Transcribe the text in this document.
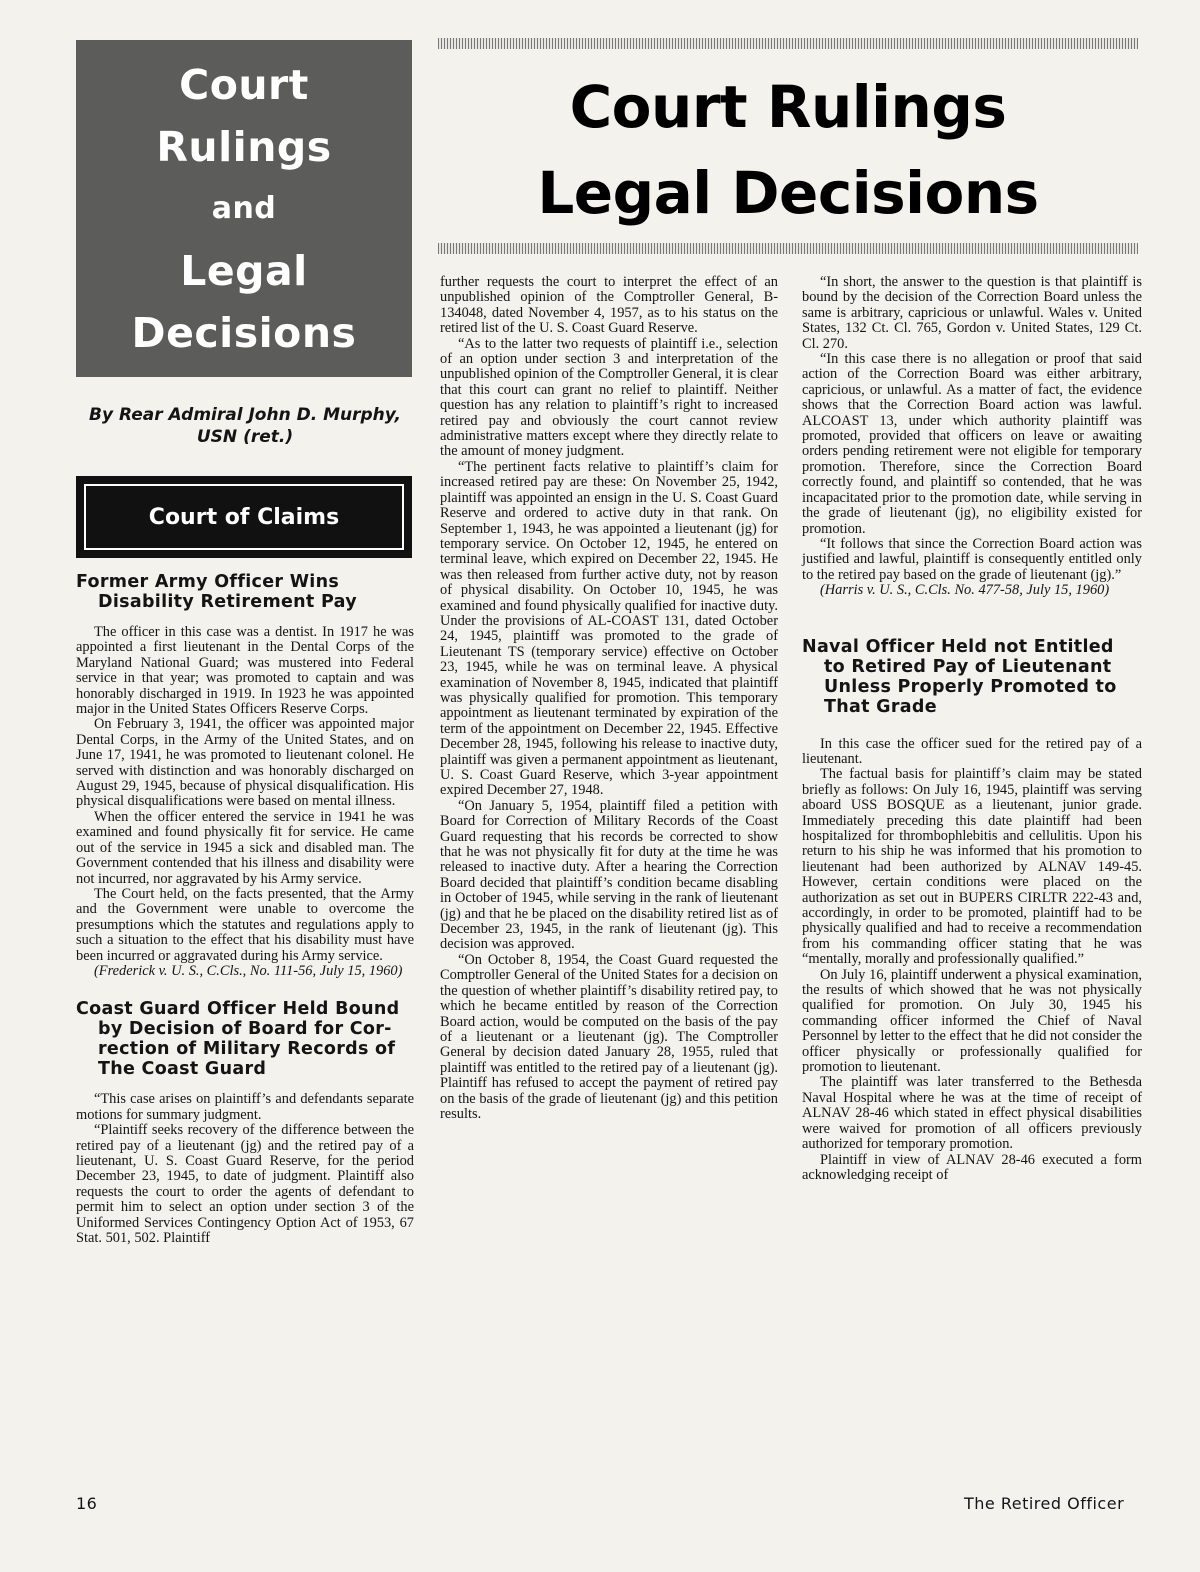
Court
Rulings
and
Legal
Decisions
By Rear Admiral John D. Murphy,
USN (ret.)
Court of Claims
Court Rulings
Legal Decisions
Former Army Officer Wins
Disability Retirement Pay

The officer in this case was a dentist. In 1917 he was appointed a first lieutenant in the Dental Corps of the Maryland National Guard; was mustered into Federal service in that year; was promoted to captain and was honorably discharged in 1919. In 1923 he was appointed major in the United States Officers Reserve Corps.

On February 3, 1941, the officer was appointed major Dental Corps, in the Army of the United States, and on June 17, 1941, he was promoted to lieutenant colonel. He served with distinction and was honorably discharged on August 29, 1945, because of physical disqualification. His physical disqualifications were based on mental illness.

When the officer entered the service in 1941 he was examined and found physically fit for service. He came out of the service in 1945 a sick and disabled man. The Government contended that his illness and disability were not incurred, nor aggravated by his Army service.

The Court held, on the facts presented, that the Army and the Government were unable to overcome the presumptions which the statutes and regulations apply to such a situation to the effect that his disability must have been incurred or aggravated during his Army service.

(Frederick v. U. S., C.Cls., No. 111-56, July 15, 1960)

Coast Guard Officer Held Bound
by Decision of Board for Cor-
rection of Military Records of
The Coast Guard

“This case arises on plaintiff’s and defendants separate motions for summary judgment.

“Plaintiff seeks recovery of the difference between the retired pay of a lieutenant (jg) and the retired pay of a lieutenant, U. S. Coast Guard Reserve, for the period December 23, 1945, to date of judgment. Plaintiff also requests the court to order the agents of defendant to permit him to select an option under section 3 of the Uniformed Services Contingency Option Act of 1953, 67 Stat. 501, 502. Plaintiff

further requests the court to interpret the effect of an unpublished opinion of the Comptroller General, B-134048, dated November 4, 1957, as to his status on the retired list of the U. S. Coast Guard Reserve.

“As to the latter two requests of plaintiff i.e., selection of an option under section 3 and interpretation of the unpublished opinion of the Comptroller General, it is clear that this court can grant no relief to plaintiff. Neither question has any relation to plaintiff’s right to increased retired pay and obviously the court cannot review administrative matters except where they directly relate to the amount of money judgment.

“The pertinent facts relative to plaintiff’s claim for increased retired pay are these: On November 25, 1942, plaintiff was appointed an ensign in the U. S. Coast Guard Reserve and ordered to active duty in that rank. On September 1, 1943, he was appointed a lieutenant (jg) for temporary service. On October 12, 1945, he entered on terminal leave, which expired on December 22, 1945. He was then released from further active duty, not by reason of physical disability. On October 10, 1945, he was examined and found physically qualified for inactive duty. Under the provisions of AL-COAST 131, dated October 24, 1945, plaintiff was promoted to the grade of Lieutenant TS (temporary service) effective on October 23, 1945, while he was on terminal leave. A physical examination of November 8, 1945, indicated that plaintiff was physically qualified for promotion. This temporary appointment as lieutenant terminated by expiration of the term of the appointment on December 22, 1945. Effective December 28, 1945, following his release to inactive duty, plaintiff was given a permanent appointment as lieutenant, U. S. Coast Guard Reserve, which 3-year appointment expired December 27, 1948.

“On January 5, 1954, plaintiff filed a petition with Board for Correction of Military Records of the Coast Guard requesting that his records be corrected to show that he was not physically fit for duty at the time he was released to inactive duty. After a hearing the Correction Board decided that plaintiff’s condition became disabling in October of 1945, while serving in the rank of lieutenant (jg) and that he be placed on the disability retired list as of December 23, 1945, in the rank of lieutenant (jg). This decision was approved.

“On October 8, 1954, the Coast Guard requested the Comptroller General of the United States for a decision on the question of whether plaintiff’s disability retired pay, to which he became entitled by reason of the Correction Board action, would be computed on the basis of the pay of a lieutenant or a lieutenant (jg). The Comptroller General by decision dated January 28, 1955, ruled that plaintiff was entitled to the retired pay of a lieutenant (jg). Plaintiff has refused to accept the payment of retired pay on the basis of the grade of lieutenant (jg) and this petition results.

“In short, the answer to the question is that plaintiff is bound by the decision of the Correction Board unless the same is arbitrary, capricious or unlawful. Wales v. United States, 132 Ct. Cl. 765, Gordon v. United States, 129 Ct. Cl. 270.

“In this case there is no allegation or proof that said action of the Correction Board was either arbitrary, capricious, or unlawful. As a matter of fact, the evidence shows that the Correction Board action was lawful. ALCOAST 13, under which authority plaintiff was promoted, provided that officers on leave or awaiting orders pending retirement were not eligible for temporary promotion. Therefore, since the Correction Board correctly found, and plaintiff so contended, that he was incapacitated prior to the promotion date, while serving in the grade of lieutenant (jg), no eligibility existed for promotion.

“It follows that since the Correction Board action was justified and lawful, plaintiff is consequently entitled only to the retired pay based on the grade of lieutenant (jg).”

(Harris v. U. S., C.Cls. No. 477-58, July 15, 1960)

Naval Officer Held not Entitled
to Retired Pay of Lieutenant
Unless Properly Promoted to
That Grade

In this case the officer sued for the retired pay of a lieutenant.

The factual basis for plaintiff’s claim may be stated briefly as follows: On July 16, 1945, plaintiff was serving aboard USS BOSQUE as a lieutenant, junior grade. Immediately preceding this date plaintiff had been hospitalized for thrombophlebitis and cellulitis. Upon his return to his ship he was informed that his promotion to lieutenant had been authorized by ALNAV 149-45. However, certain conditions were placed on the authorization as set out in BUPERS CIRLTR 222-43 and, accordingly, in order to be promoted, plaintiff had to be physically qualified and had to receive a recommendation from his commanding officer stating that he was “mentally, morally and professionally qualified.”

On July 16, plaintiff underwent a physical examination, the results of which showed that he was not physically qualified for promotion. On July 30, 1945 his commanding officer informed the Chief of Naval Personnel by letter to the effect that he did not consider the officer physically or professionally qualified for promotion to lieutenant.

The plaintiff was later transferred to the Bethesda Naval Hospital where he was at the time of receipt of ALNAV 28-46 which stated in effect physical disabilities were waived for promotion of all officers previously authorized for temporary promotion.

Plaintiff in view of ALNAV 28-46 executed a form acknowledging receipt of

16	The Retired Officer
